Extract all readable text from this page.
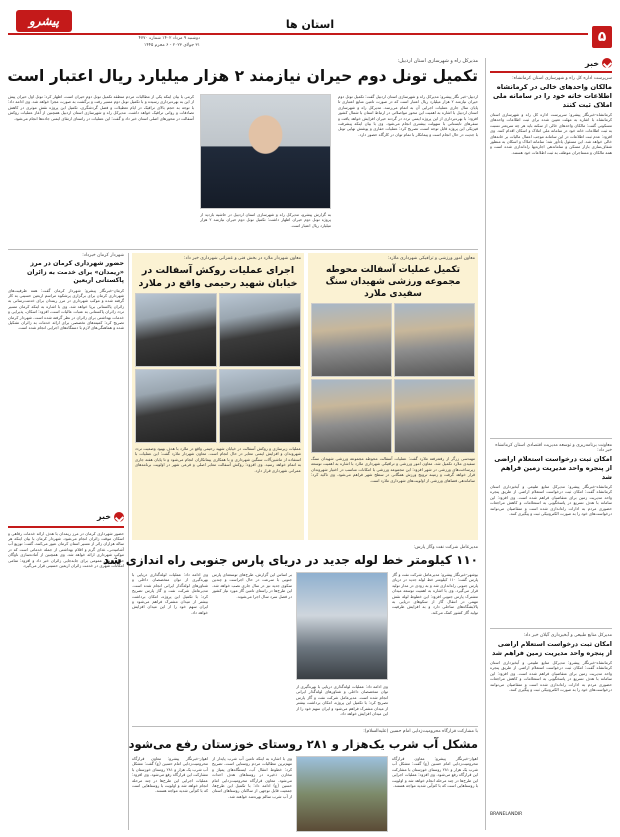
۵
استان ها
پیشرو
دوشنبه ۹ مرداد ۱۴۰۲ شماره ۴۷۷۰
۳۱ جولای ۲۰۲۳ - ۶ محرم ۱۴۴۵
خبر
سرپرست اداره کل راه و شهرسازی استان کرمانشاه:
مالکان واحدهای خالی در کرمانشاه اطلاعات خانه خود را در سامانه ملی املاک ثبت کنند
کرمانشاه-خبرنگار پیشرو: سرپرست اداره کل راه و شهرسازی استان کرمانشاه با اشاره به مهلت تعیین شده برای ثبت اطلاعات واحدهای مسکونی گفت: مالکان واحدهای خالی از سکنه باید هر چه سریعتر نسبت به ثبت اطلاعات خانه خود در سامانه ملی املاک و اسکان اقدام کنند. وی افزود: عدم ثبت اطلاعات در این سامانه موجب اعمال مالیات بر خانه‌های خالی خواهد شد. این مسئول یادآور شد: سامانه املاک و اسکان به منظور شفاف‌سازی بازار مسکن و ساماندهی اجاره‌بها راه‌اندازی شده است و همه مالکان و مستاجران موظف به ثبت اطلاعات خود هستند.
معاونت برنامه‌ریزی و توسعه مدیریت اقتصادی استان کرمانشاه خبر داد:
امکان ثبت درخواست استعلام اراضی از پنجره واحد مدیریت زمین فراهم شد
کرمانشاه-خبرنگار پیشرو: مدیرکل منابع طبیعی و آبخیزداری استان کرمانشاه گفت: امکان ثبت درخواست استعلام اراضی از طریق پنجره واحد مدیریت زمین برای متقاضیان فراهم شده است. وی افزود: این سامانه با هدف تسریع در پاسخگویی به استعلامات و کاهش مراجعات حضوری مردم به ادارات راه‌اندازی شده است و متقاضیان می‌توانند درخواست‌های خود را به صورت الکترونیکی ثبت و پیگیری کنند.
مدیرکل منابع طبیعی و آبخیزداری گیلان خبر داد:
امکان ثبت درخواست استعلام اراضی از پنجره واحد مدیریت زمین فراهم شد
کرمانشاه-خبرنگار پیشرو: مدیرکل منابع طبیعی و آبخیزداری استان کرمانشاه گفت: امکان ثبت درخواست استعلام اراضی از طریق پنجره واحد مدیریت زمین برای متقاضیان فراهم شده است. وی افزود: این سامانه با هدف تسریع در پاسخگویی به استعلامات و کاهش مراجعات حضوری مردم به ادارات راه‌اندازی شده است و متقاضیان می‌توانند درخواست‌های خود را به صورت الکترونیکی ثبت و پیگیری کنند.
BRANELANDIR
مدیرکل راه و شهرسازی استان اردبیل:
تکمیل تونل دوم حیران نیازمند ۲ هزار میلیارد ریال اعتبار است
اردبیل-خبر نگار پیشرو: مدیرکل راه و شهرسازی استان اردبیل گفت: تکمیل تونل دوم حیران نیازمند ۲ هزار میلیارد ریال اعتبار است که در صورت تامین منابع اعتباری تا پایان سال جاری عملیات اجرایی آن به اتمام می‌رسد. مدیرکل راه و شهرسازی استان اردبیل با اشاره به اهمیت این محور مواصلاتی در ارتباط استان با شمال کشور افزود: با بهره‌برداری از این پروژه ایمنی تردد در گردنه حیران افزایش خواهد یافت و سفرهای تابستانی با سهولت بیشتری انجام می‌شود. وی با بیان اینکه پیشرفت فیزیکی این پروژه قابل توجه است، تصریح کرد: عملیات حفاری و پوشش نهایی تونل با جدیت در حال انجام است و پیمانکار با تمام توان در کارگاه حضور دارد.
به گزارش پیشرو، مدیرکل راه و شهرسازی استان اردبیل در حاشیه بازدید از پروژه تونل دوم حیران اظهار داشت: تکمیل تونل دوم حیران نیازمند ۲ هزار میلیارد ریال اعتبار است.
کرمی با بیان اینکه یکی از مطالبات مردم منطقه تکمیل تونل دوم حیران است، اظهار کرد: تونل اول حیران پیش از این به بهره‌برداری رسیده و با تکمیل تونل دوم مسیر رفت و برگشت به صورت مجزا خواهد شد. وی ادامه داد: با توجه به حجم بالای ترافیک در ایام تعطیلات و فصل گردشگری، تکمیل این پروژه نقش موثری در کاهش تصادفات و روانی ترافیک خواهد داشت. مدیرکل راه و شهرسازی استان اردبیل همچنین از آغاز عملیات روکش آسفالت در محورهای اصلی استان خبر داد و گفت: این عملیات در راستای ارتقای ایمنی جاده‌ها انجام می‌شود.
شهردار کرمان خبرداد:
حضور شهرداری کرمان در مرز «ریمدان» برای خدمت به زائران پاکستانی اربعین
کرمان-خبرنگار پیشرو: شهردار کرمان گفت: همه ظرفیت‌های شهرداری کرمان برای برگزاری پرشکوه مراسم اربعین حسینی به کار گرفته شده و موکب شهرداری در مرز ریمدان برای خدمت‌رسانی به زائران پاکستانی برپا خواهد شد. وی با اشاره به اینکه کرمان مسیر تردد زائران پاکستانی به عتبات عالیات است، افزود: اسکان، پذیرایی و خدمات بهداشتی برای زائران در نظر گرفته شده است. شهردار کرمان تصریح کرد: کمیته‌های تخصصی برای ارائه خدمات به زائران تشکیل شده و هماهنگی‌های لازم با دستگاه‌های اجرایی انجام شده است.
خبر
حضور شهرداری کرمان در مرز ریمدان با هدف ارائه خدمات رفاهی و اسکان موقت زائران انجام می‌شود. شهردار کرمان با بیان اینکه هر ساله هزاران زائر از مسیر استان کرمان عبور می‌کنند، گفت: توزیع آب آشامیدنی، غذای گرم و اقلام بهداشتی از جمله خدماتی است که در موکب شهرداری ارائه خواهد شد. وی همچنین از آماده‌سازی ناوگان حمل و نقل عمومی برای جابه‌جایی زائران خبر داد و افزود: تمامی امکانات شهری در خدمت زائران اربعین حسینی قرار می‌گیرد.
معاون شهردار ملارد در بخش فنی و عمرانی شهرداری خبر داد:
اجرای عملیات روکش آسفالت در خیابان شهید رحیمی واقع در ملارد
عملیات زیرسازی و روکش آسفالت در خیابان شهید رحیمی واقع در ملارد با هدف بهبود وضعیت تردد شهروندان و افزایش ایمنی معابر در حال انجام است. معاون شهردار ملارد گفت: این عملیات با استفاده از ماشین‌آلات سنگین شهرداری و با همکاری پیمانکاران انجام می‌شود و تا پایان هفته جاری به اتمام خواهد رسید. وی افزود: روکش آسفالت معابر اصلی و فرعی شهر در اولویت برنامه‌های عمرانی شهرداری قرار دارد.
معاون امور ورزشی و ترافیکی شهرداری ملارد:
تکمیل عملیات آسفالت محوطه مجموعه ورزشی شهیدان سنگ سفیدی ملارد
مهندسی زرگر از رفته‌رفته ملارد گفت: عملیات آسفالت محوطه مجموعه ورزشی شهیدان سنگ سفیدی ملارد تکمیل شد. معاون امور ورزشی و ترافیکی شهرداری ملارد با اشاره به اهمیت توسعه زیرساخت‌های ورزشی در شهر افزود: این مجموعه ورزشی با امکانات مناسب در اختیار شهروندان قرار خواهد گرفت و زمینه ترویج ورزش همگانی در سطح شهر فراهم می‌شود. وی تاکید کرد: ساماندهی فضاهای ورزشی از اولویت‌های شهرداری ملارد است.
مدیرعامل شرکت نفت وگاز پارس:
۱۱۰ کیلومتر خط لوله جدید در دریای پارس جنوبی راه اندازی شد
بوشهر-خبرنگار پیشرو: مدیرعامل شرکت نفت و گاز پارس گفت: ۱۱۰ کیلومتر خط لوله جدید در دریای پارس جنوبی راه‌اندازی شد و به زودی در مدار تولید قرار می‌گیرد. وی با اشاره به اهمیت توسعه میدان مشترک پارس جنوبی افزود: این خطوط لوله نقش مهمی در انتقال گاز از سکوهای دریایی به پالایشگاه‌های ساحلی دارد و به افزایش ظرفیت تولید گاز کشور کمک می‌کند.
وی ادامه داد: عملیات لوله‌گذاری دریایی با بهره‌گیری از توان متخصصان داخلی و شناورهای لوله‌گذار ایرانی انجام شده است. مدیرعامل شرکت نفت و گاز پارس تصریح کرد: با تکمیل این پروژه، امکان برداشت بیشتر از میدان مشترک فراهم می‌شود و ایران سهم خود را از این میدان افزایش خواهد داد.
بر اساس این گزارش، طرح‌های توسعه‌ای پارس جنوبی با سرعت در حال اجراست و چندین سکوی جدید نیز در سال جاری نصب خواهد شد. این طرح‌ها در راستای تامین گاز مورد نیاز کشور در فصل سرد سال اجرا می‌شوند.
وی ادامه داد: عملیات لوله‌گذاری دریایی با بهره‌گیری از توان متخصصان داخلی و شناورهای لوله‌گذار ایرانی انجام شده است. مدیرعامل شرکت نفت و گاز پارس تصریح کرد: با تکمیل این پروژه، امکان برداشت بیشتر از میدان مشترک فراهم می‌شود و ایران سهم خود را از این میدان افزایش خواهد داد.
با مشارکت قرارگاه محرومیت‌زدایی امام حسین (علیه‌السلام):
مشکل آب شرب یک‌هزار و ۲۸۱ روستای خوزستان رفع می‌شود
اهواز-خبرنگار پیشرو: معاون قرارگاه محرومیت‌زدایی امام حسین (ع) گفت: مشکل آب شرب یک هزار و ۲۸۱ روستای خوزستان با مشارکت این قرارگاه رفع می‌شود. وی افزود: عملیات اجرایی این طرح‌ها در چند مرحله انجام خواهد شد و اولویت با روستاهایی است که با کم‌آبی شدید مواجه هستند.
وی با اشاره به اینکه تامین آب شرب پایدار از مهم‌ترین مطالبات مردم روستایی است، تصریح کرد: خطوط انتقال آب، ایستگاه‌های پمپاژ و مخازن ذخیره در روستاهای هدف احداث می‌شود. معاون قرارگاه محرومیت‌زدایی امام حسین (ع) ادامه داد: با تکمیل این طرح‌ها، جمعیت قابل توجهی از ساکنان روستاهای استان از آب شرب سالم بهره‌مند خواهند شد.
اهواز-خبرنگار پیشرو: معاون قرارگاه محرومیت‌زدایی امام حسین (ع) گفت: مشکل آب شرب یک هزار و ۲۸۱ روستای خوزستان با مشارکت این قرارگاه رفع می‌شود. وی افزود: عملیات اجرایی این طرح‌ها در چند مرحله انجام خواهد شد و اولویت با روستاهایی است که با کم‌آبی شدید مواجه هستند.
